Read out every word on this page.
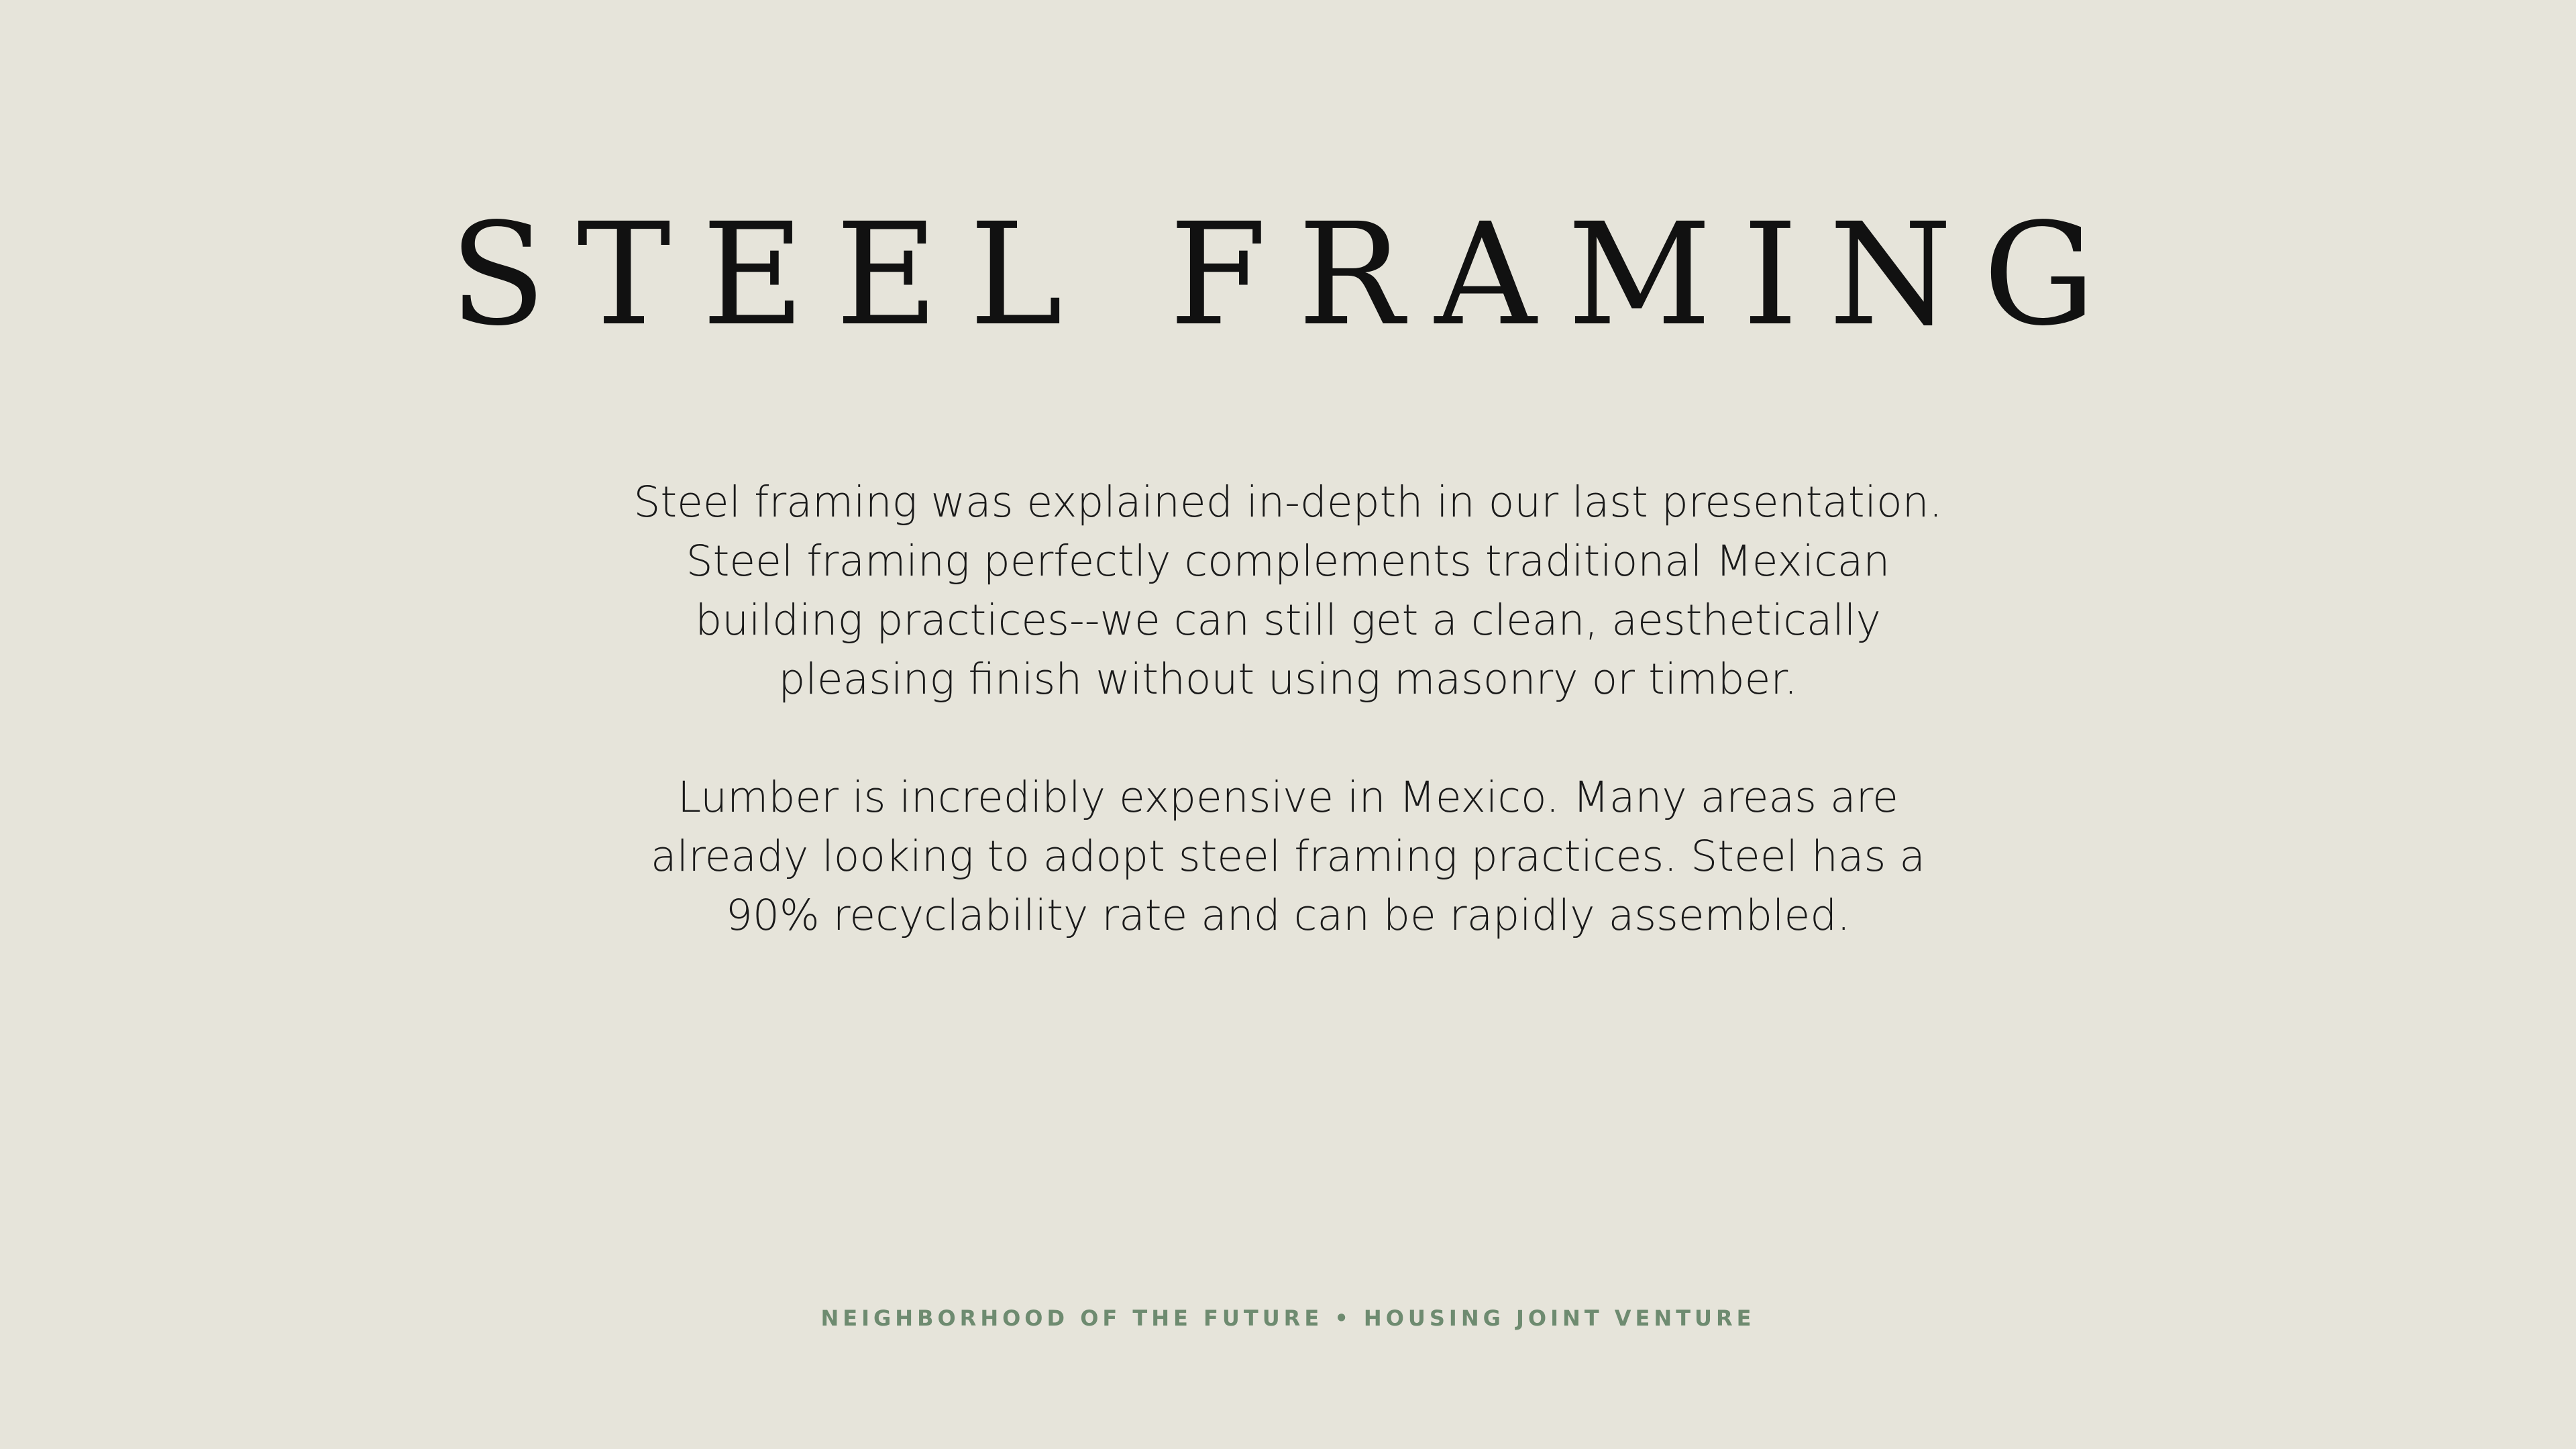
STEEL FRAMING

Steel framing was explained in-depth in our last presentation. Steel framing perfectly complements traditional Mexican building practices--we can still get a clean, aesthetically pleasing finish without using masonry or timber.

Lumber is incredibly expensive in Mexico. Many areas are already looking to adopt steel framing practices. Steel has a 90% recyclability rate and can be rapidly assembled.

NEIGHBORHOOD OF THE FUTURE • HOUSING JOINT VENTURE
